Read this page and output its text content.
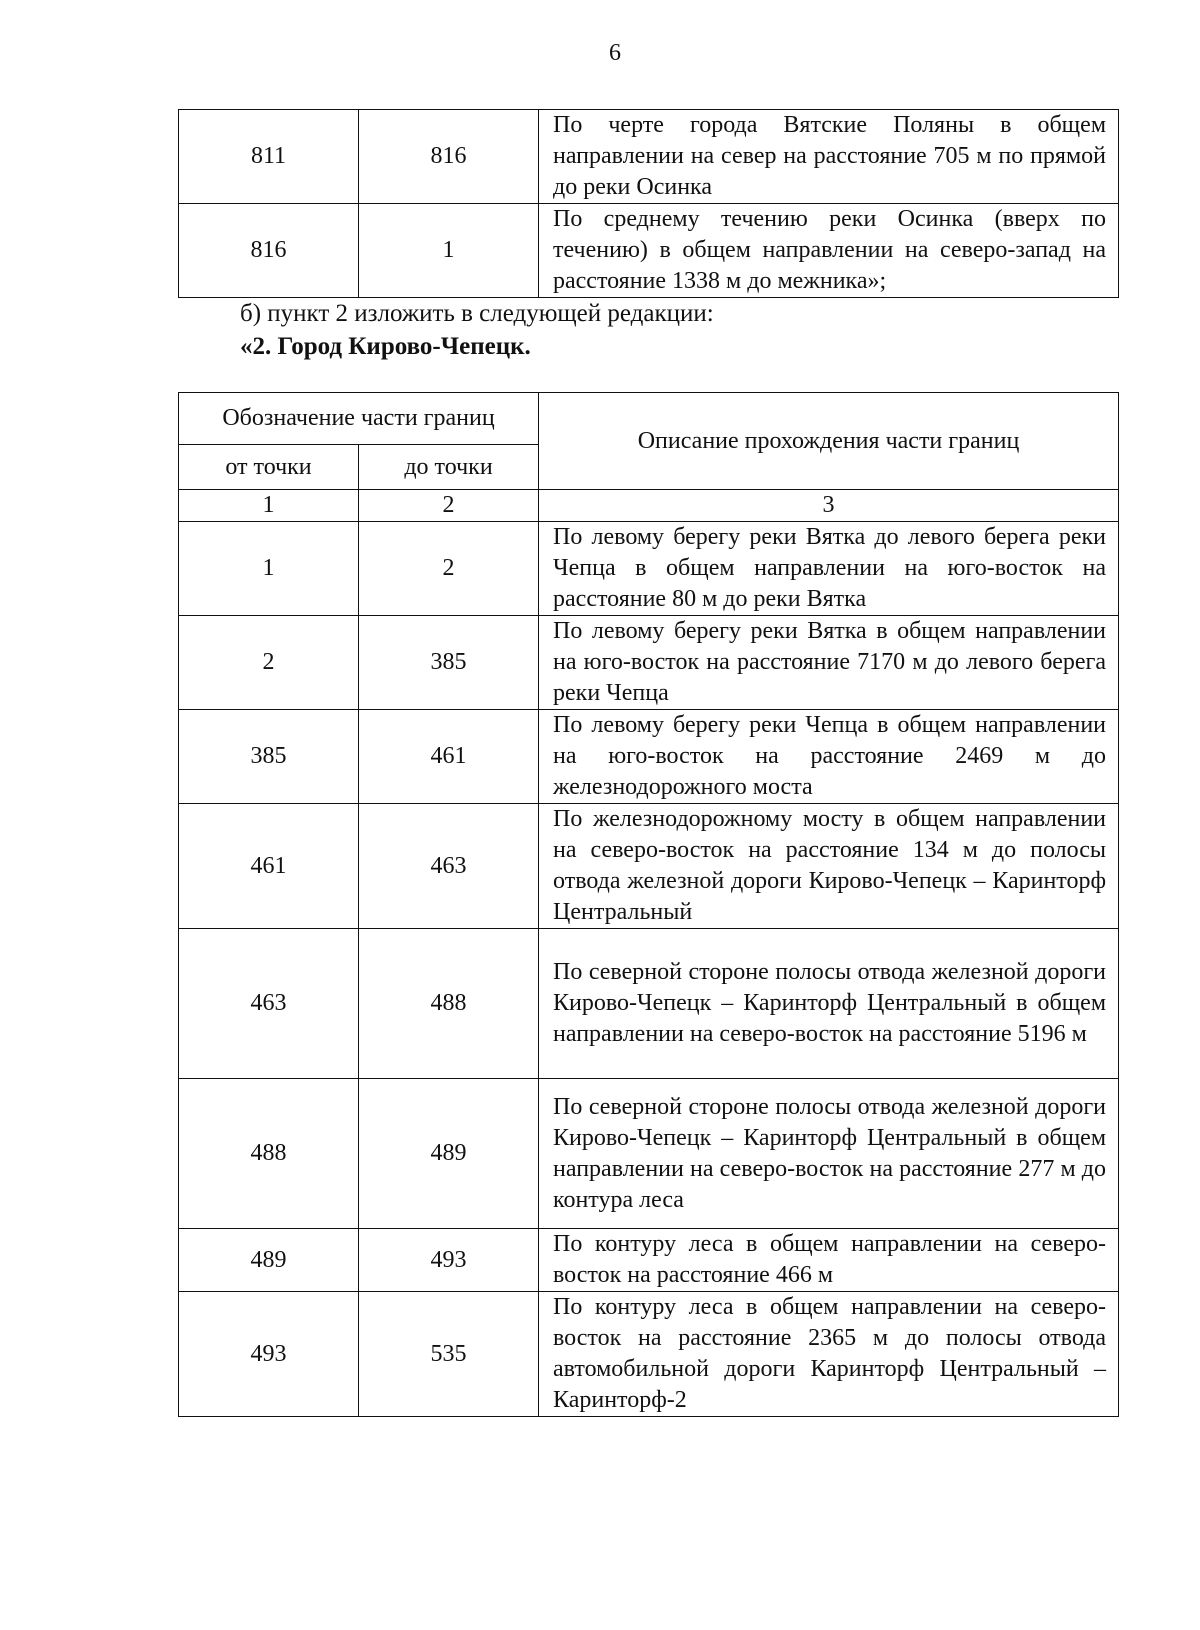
6
811	816	По черте города Вятские Поляны в общем направлении на север на расстояние 705 м по прямой до реки Осинка
816	1	По среднему течению реки Осинка (вверх по течению) в общем направлении на северо-запад на расстояние 1338 м до межника»;
б) пункт 2 изложить в следующей редакции:
«2. Город Кирово-Чепецк.
Обозначение части границ		Описание прохождения части границ
от точки	до точки	
1	2	3
1	2	По левому берегу реки Вятка до левого берега реки Чепца в общем направлении на юго-восток на расстояние 80 м до реки Вятка
2	385	По левому берегу реки Вятка в общем направлении на юго-восток на расстояние 7170 м до левого берега реки Чепца
385	461	По левому берегу реки Чепца в общем направлении на юго-восток на расстояние 2469 м до железнодорожного моста
461	463	По железнодорожному мосту в общем направлении на северо-восток на расстояние 134 м до полосы отвода железной дороги Кирово-Чепецк – Каринторф Центральный
463	488	По северной стороне полосы отвода железной дороги Кирово-Чепецк – Каринторф Центральный в общем направлении на северо-восток на расстояние 5196 м
488	489	По северной стороне полосы отвода железной дороги Кирово-Чепецк – Каринторф Центральный в общем направлении на северо-восток на расстояние 277 м до контура леса
489	493	По контуру леса в общем направлении на северо-восток на расстояние 466 м
493	535	По контуру леса в общем направлении на северо-восток на расстояние 2365 м до полосы отвода автомобильной дороги Каринторф Центральный – Каринторф-2
